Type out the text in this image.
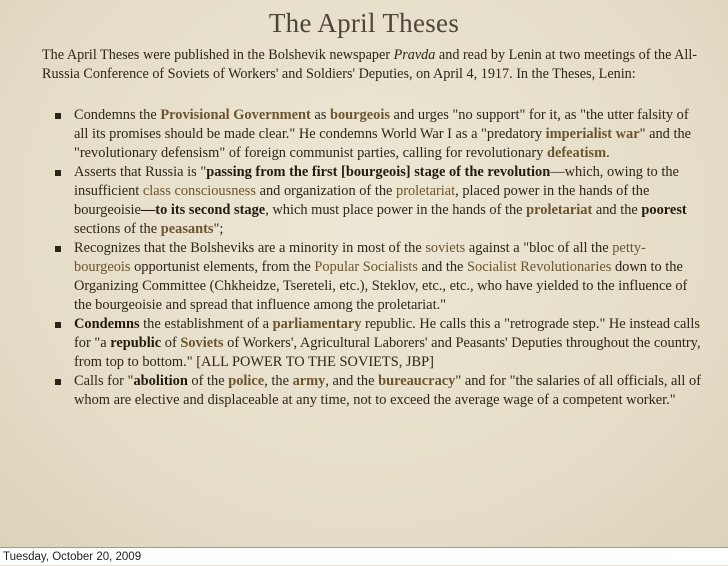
The April Theses
The April Theses were published in the Bolshevik newspaper Pravda and read by Lenin at two meetings of the All-Russia Conference of Soviets of Workers' and Soldiers' Deputies, on April 4, 1917. In the Theses, Lenin:
Condemns the Provisional Government as bourgeois and urges "no support" for it, as "the utter falsity of all its promises should be made clear." He condemns World War I as a "predatory imperialist war" and the "revolutionary defensism" of foreign communist parties, calling for revolutionary defeatism.
Asserts that Russia is "passing from the first [bourgeois] stage of the revolution—which, owing to the insufficient class consciousness and organization of the proletariat, placed power in the hands of the bourgeoisie—to its second stage, which must place power in the hands of the proletariat and the poorest sections of the peasants";
Recognizes that the Bolsheviks are a minority in most of the soviets against a "bloc of all the petty-bourgeois opportunist elements, from the Popular Socialists and the Socialist Revolutionaries down to the Organizing Committee (Chkheidze, Tsereteli, etc.), Steklov, etc., etc., who have yielded to the influence of the bourgeoisie and spread that influence among the proletariat."
Condemns the establishment of a parliamentary republic. He calls this a "retrograde step." He instead calls for "a republic of Soviets of Workers', Agricultural Laborers' and Peasants' Deputies throughout the country, from top to bottom." [ALL POWER TO THE SOVIETS, JBP]
Calls for "abolition of the police, the army, and the bureaucracy" and for "the salaries of all officials, all of whom are elective and displaceable at any time, not to exceed the average wage of a competent worker."
Tuesday, October 20, 2009
